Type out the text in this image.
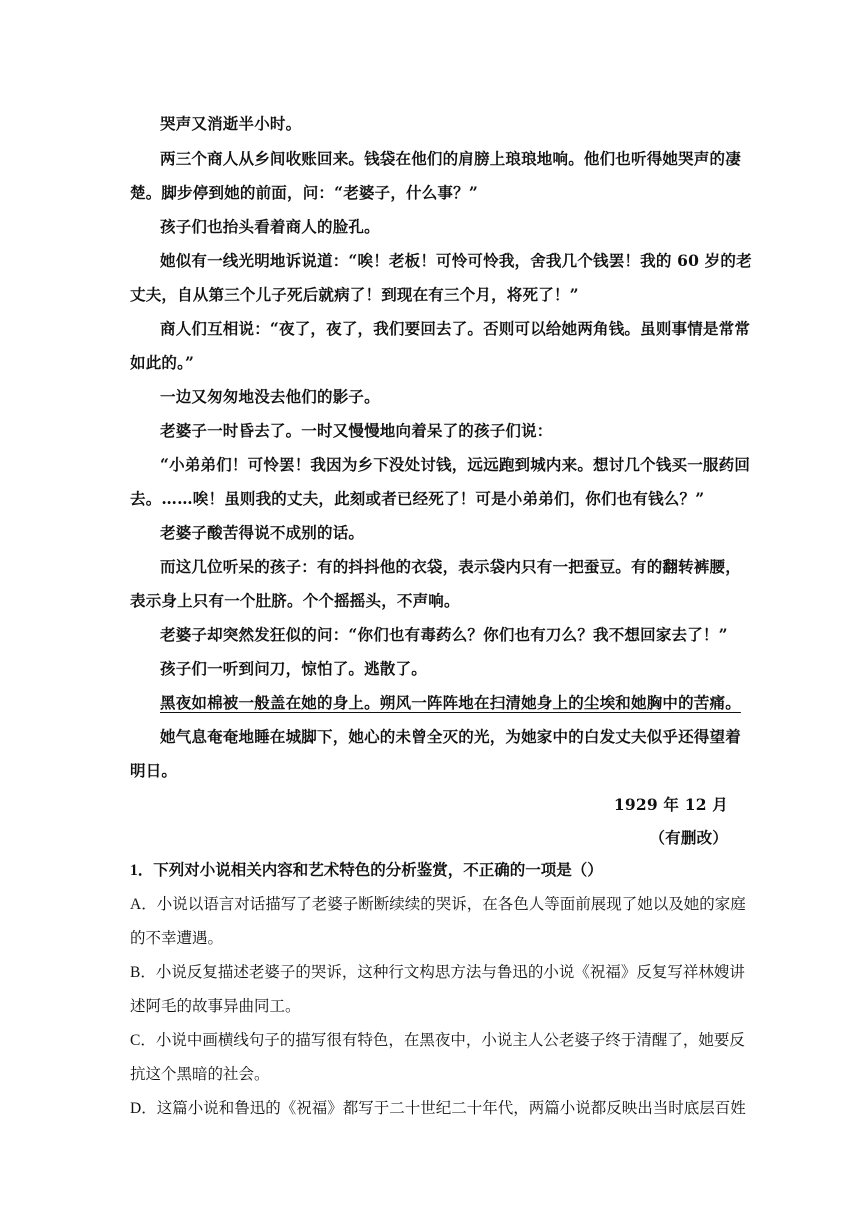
哭声又消逝半小时。
两三个商人从乡间收账回来。钱袋在他们的肩膀上琅琅地响。他们也听得她哭声的凄
楚。脚步停到她的前面，问：“老婆子，什么事？”
孩子们也抬头看着商人的脸孔。
她似有一线光明地诉说道：“唉！老板！可怜可怜我，舍我几个钱罢！我的 60 岁的老
丈夫，自从第三个儿子死后就病了！到现在有三个月，将死了！”
商人们互相说：“夜了，夜了，我们要回去了。否则可以给她两角钱。虽则事情是常常
如此的。”
一边又匆匆地没去他们的影子。
老婆子一时昏去了。一时又慢慢地向着呆了的孩子们说：
“小弟弟们！可怜罢！我因为乡下没处讨钱，远远跑到城内来。想讨几个钱买一服药回
去。……唉！虽则我的丈夫，此刻或者已经死了！可是小弟弟们，你们也有钱么？”
老婆子酸苦得说不成别的话。
而这几位听呆的孩子：有的抖抖他的衣袋，表示袋内只有一把蚕豆。有的翻转裤腰，
表示身上只有一个肚脐。个个摇摇头，不声响。
老婆子却突然发狂似的问：“你们也有毒药么？你们也有刀么？我不想回家去了！”
孩子们一听到问刀，惊怕了。逃散了。
黑夜如棉被一般盖在她的身上。朔风一阵阵地在扫清她身上的尘埃和她胸中的苦痛。
她气息奄奄地睡在城脚下，她心的未曾全灭的光，为她家中的白发丈夫似乎还得望着
明日。
1929 年 12 月
（有删改）
1．下列对小说相关内容和艺术特色的分析鉴赏，不正确的一项是（）
A．小说以语言对话描写了老婆子断断续续的哭诉，在各色人等面前展现了她以及她的家庭
的不幸遭遇。
B．小说反复描述老婆子的哭诉，这种行文构思方法与鲁迅的小说《祝福》反复写祥林嫂讲
述阿毛的故事异曲同工。
C．小说中画横线句子的描写很有特色，在黑夜中，小说主人公老婆子终于清醒了，她要反
抗这个黑暗的社会。
D．这篇小说和鲁迅的《祝福》都写于二十世纪二十年代，两篇小说都反映出当时底层百姓
